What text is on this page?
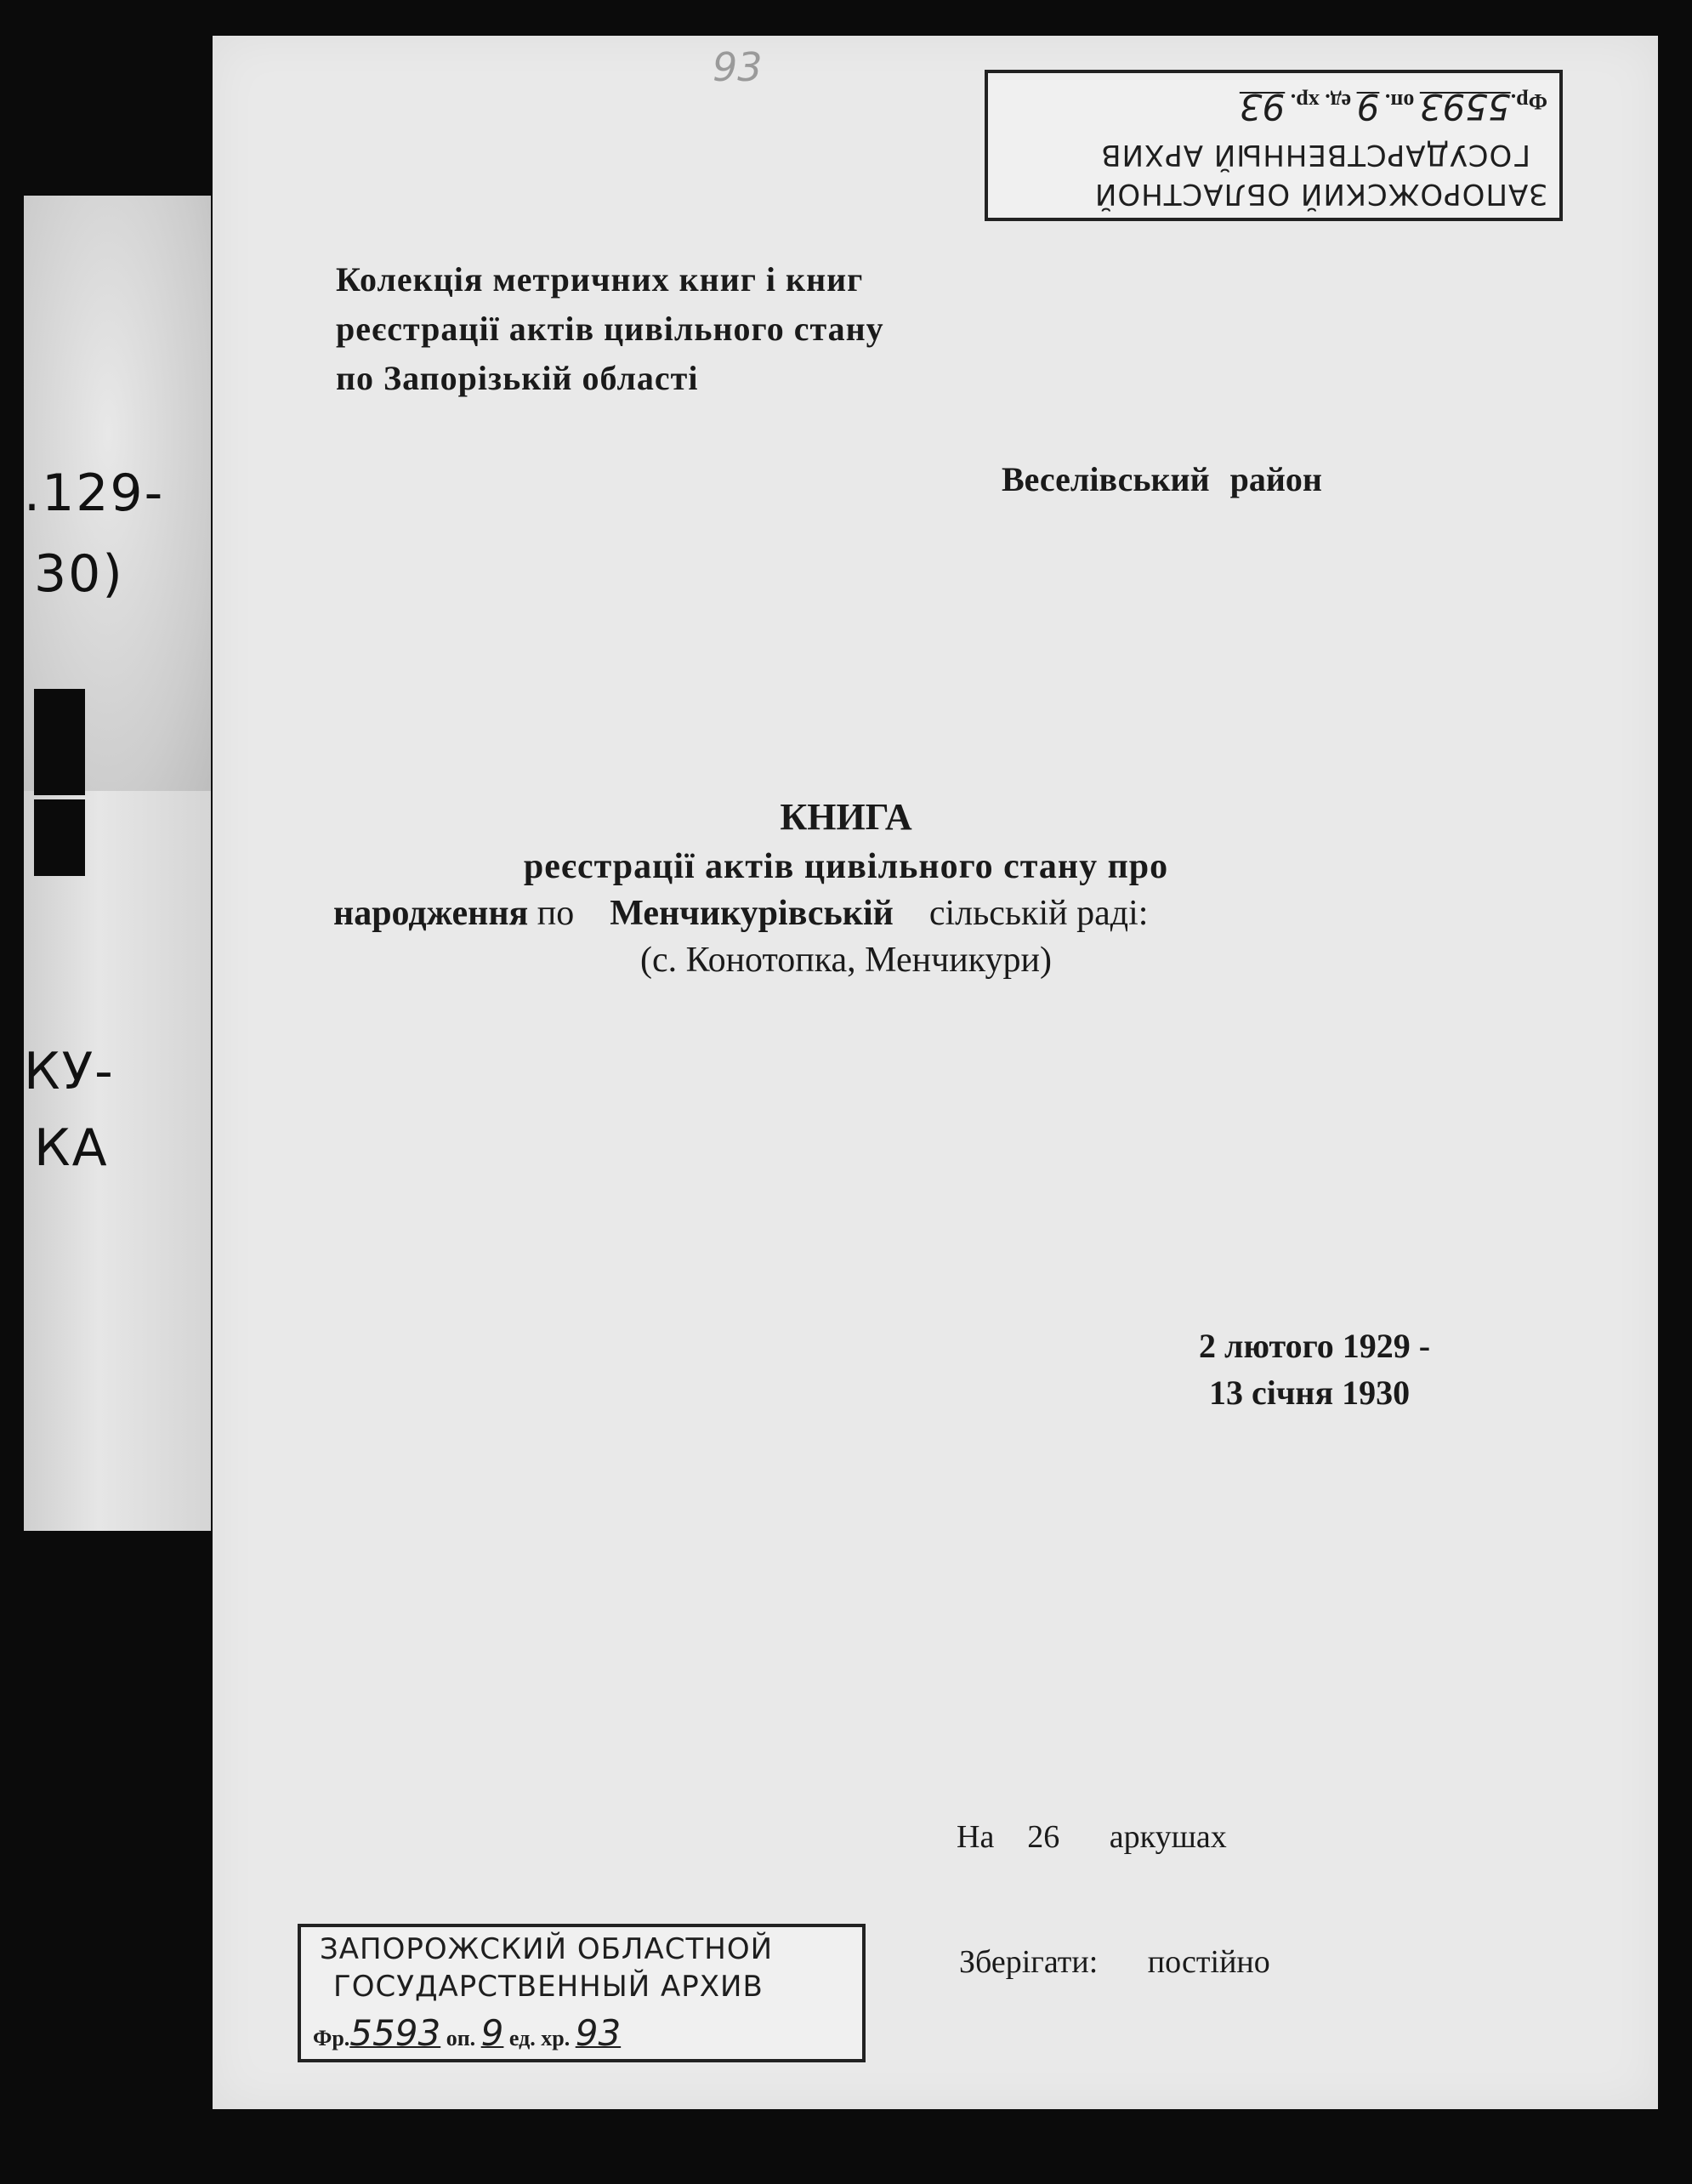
.129-
30)
КУ-
КА
93
ЗАПОРОЖСКИЙ ОБЛАСТНОЙ
ГОСУДАРСТВЕННЫЙ АРХИВ
Фр.5593 оп. 9 ед. хр. 93
Колекція метричних книг і книг
реєстрації актів цивільного стану
по Запорізькій області
Веселівський район
КНИГА
реєстрації актів цивільного стану про
народження по    Менчикурівській    сільській раді:
(с. Конотопка, Менчикури)
2 лютого 1929 -
13 січня 1930
На  26   аркушах
Зберігати:   постійно
ЗАПОРОЖСКИЙ ОБЛАСТНОЙ
ГОСУДАРСТВЕННЫЙ АРХИВ
Фр.5593 оп. 9 ед. хр. 93
